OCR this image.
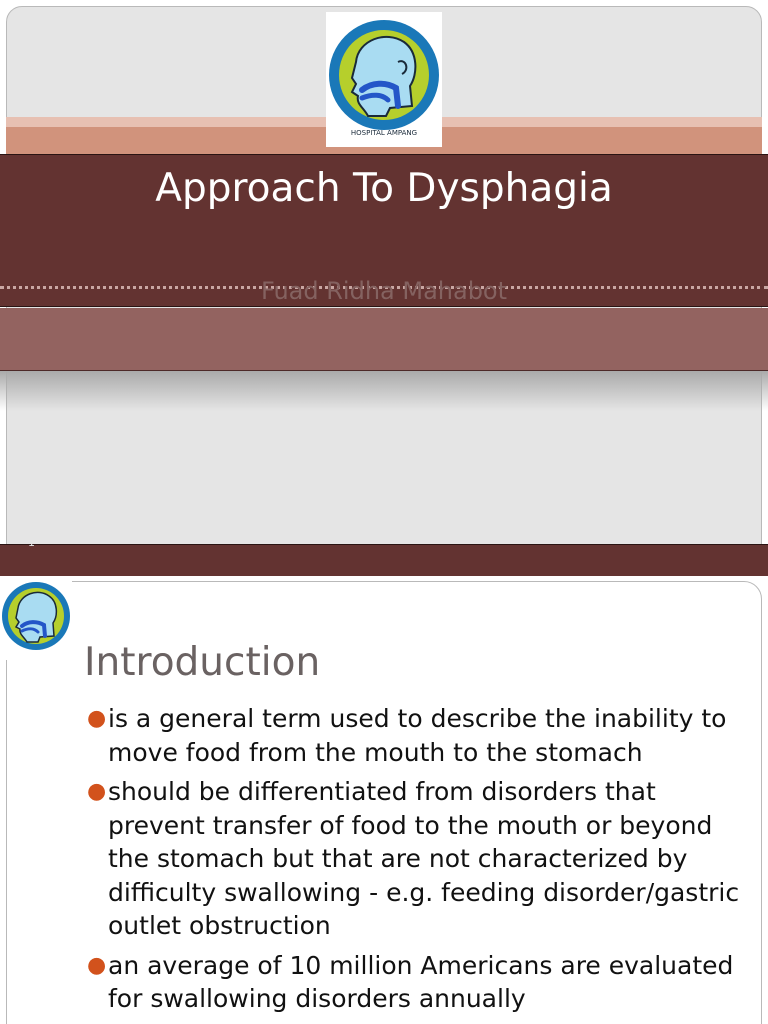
HOSPITAL AMPANG
Approach To Dysphagia
Fuad Ridha Mahabot
1
Introduction
● is a general term used to describe the inability to move food from the mouth to the stomach
● should be differentiated from disorders that prevent transfer of food to the mouth or beyond the stomach but that are not characterized by difficulty swallowing - e.g. feeding disorder/gastric outlet obstruction
● an average of 10 million Americans are evaluated for swallowing disorders annually
